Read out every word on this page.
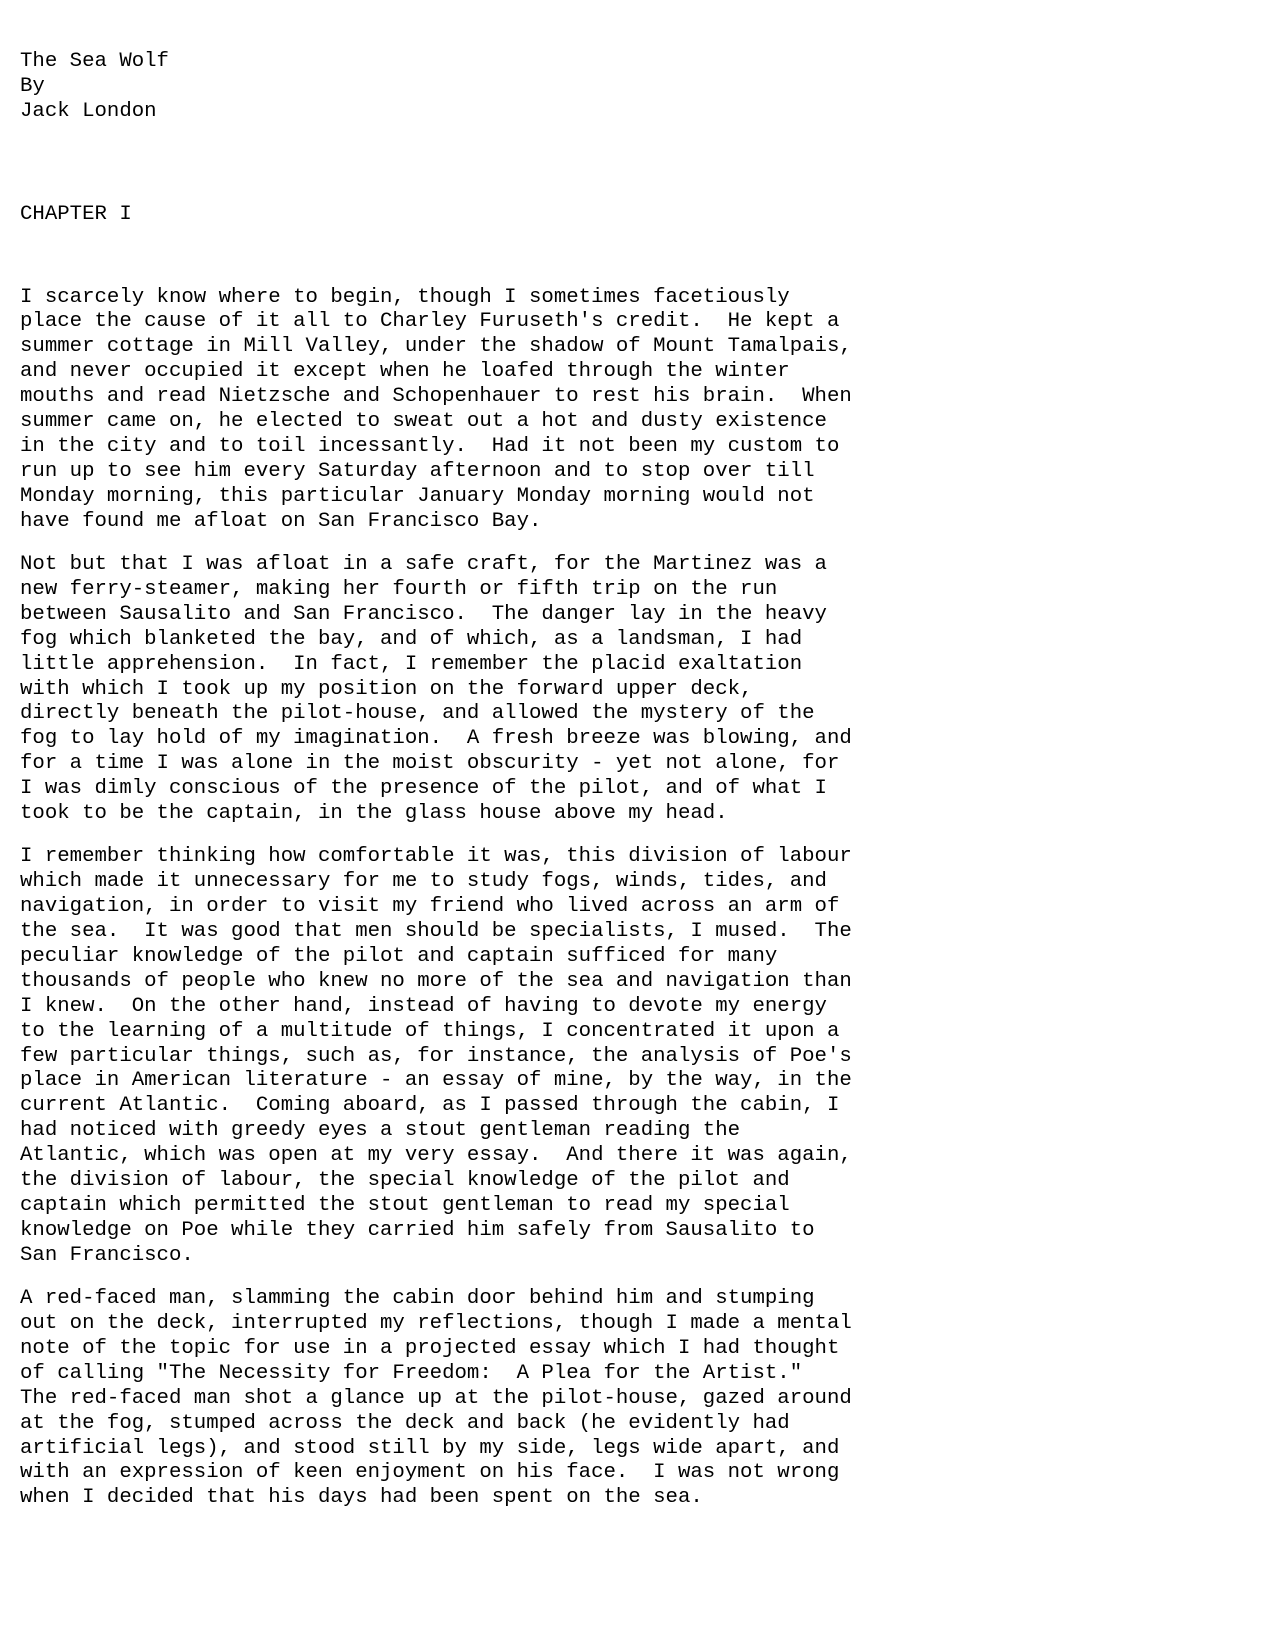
The Sea Wolf
By
Jack London
CHAPTER I
I scarcely know where to begin, though I sometimes facetiously
place the cause of it all to Charley Furuseth's credit.  He kept a
summer cottage in Mill Valley, under the shadow of Mount Tamalpais,
and never occupied it except when he loafed through the winter
mouths and read Nietzsche and Schopenhauer to rest his brain.  When
summer came on, he elected to sweat out a hot and dusty existence
in the city and to toil incessantly.  Had it not been my custom to
run up to see him every Saturday afternoon and to stop over till
Monday morning, this particular January Monday morning would not
have found me afloat on San Francisco Bay.
Not but that I was afloat in a safe craft, for the Martinez was a
new ferry-steamer, making her fourth or fifth trip on the run
between Sausalito and San Francisco.  The danger lay in the heavy
fog which blanketed the bay, and of which, as a landsman, I had
little apprehension.  In fact, I remember the placid exaltation
with which I took up my position on the forward upper deck,
directly beneath the pilot-house, and allowed the mystery of the
fog to lay hold of my imagination.  A fresh breeze was blowing, and
for a time I was alone in the moist obscurity - yet not alone, for
I was dimly conscious of the presence of the pilot, and of what I
took to be the captain, in the glass house above my head.
I remember thinking how comfortable it was, this division of labour
which made it unnecessary for me to study fogs, winds, tides, and
navigation, in order to visit my friend who lived across an arm of
the sea.  It was good that men should be specialists, I mused.  The
peculiar knowledge of the pilot and captain sufficed for many
thousands of people who knew no more of the sea and navigation than
I knew.  On the other hand, instead of having to devote my energy
to the learning of a multitude of things, I concentrated it upon a
few particular things, such as, for instance, the analysis of Poe's
place in American literature - an essay of mine, by the way, in the
current Atlantic.  Coming aboard, as I passed through the cabin, I
had noticed with greedy eyes a stout gentleman reading the
Atlantic, which was open at my very essay.  And there it was again,
the division of labour, the special knowledge of the pilot and
captain which permitted the stout gentleman to read my special
knowledge on Poe while they carried him safely from Sausalito to
San Francisco.
A red-faced man, slamming the cabin door behind him and stumping
out on the deck, interrupted my reflections, though I made a mental
note of the topic for use in a projected essay which I had thought
of calling "The Necessity for Freedom:  A Plea for the Artist."
The red-faced man shot a glance up at the pilot-house, gazed around
at the fog, stumped across the deck and back (he evidently had
artificial legs), and stood still by my side, legs wide apart, and
with an expression of keen enjoyment on his face.  I was not wrong
when I decided that his days had been spent on the sea.
